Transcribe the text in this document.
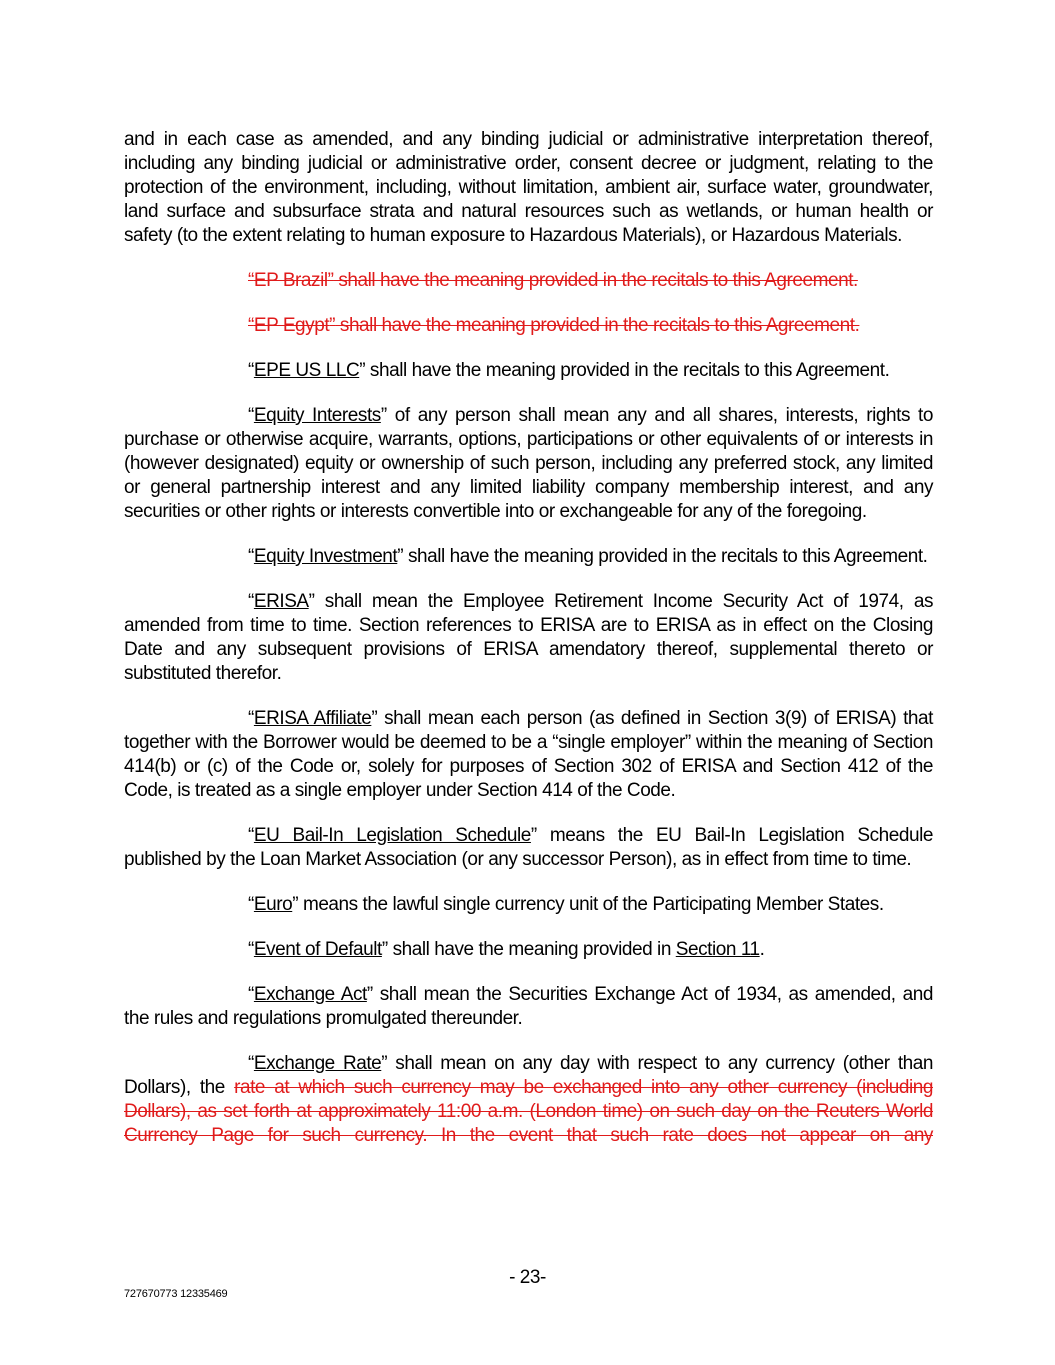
and in each case as amended, and any binding judicial or administrative interpretation thereof, including any binding judicial or administrative order, consent decree or judgment, relating to the protection of the environment, including, without limitation, ambient air, surface water, groundwater, land surface and subsurface strata and natural resources such as wetlands, or human health or safety (to the extent relating to human exposure to Hazardous Materials), or Hazardous Materials.

“EP Brazil” shall have the meaning provided in the recitals to this Agreement.

“EP Egypt” shall have the meaning provided in the recitals to this Agreement.

“EPE US LLC” shall have the meaning provided in the recitals to this Agreement.

“Equity Interests” of any person shall mean any and all shares, interests, rights to purchase or otherwise acquire, warrants, options, participations or other equivalents of or interests in (however designated) equity or ownership of such person, including any preferred stock, any limited or general partnership interest and any limited liability company membership interest, and any securities or other rights or interests convertible into or exchangeable for any of the foregoing.

“Equity Investment” shall have the meaning provided in the recitals to this Agreement.

“ERISA” shall mean the Employee Retirement Income Security Act of 1974, as amended from time to time. Section references to ERISA are to ERISA as in effect on the Closing Date and any subsequent provisions of ERISA amendatory thereof, supplemental thereto or substituted therefor.

“ERISA Affiliate” shall mean each person (as defined in Section 3(9) of ERISA) that together with the Borrower would be deemed to be a “single employer” within the meaning of Section 414(b) or (c) of the Code or, solely for purposes of Section 302 of ERISA and Section 412 of the Code, is treated as a single employer under Section 414 of the Code.

“EU Bail-In Legislation Schedule” means the EU Bail-In Legislation Schedule published by the Loan Market Association (or any successor Person), as in effect from time to time.

“Euro” means the lawful single currency unit of the Participating Member States.

“Event of Default” shall have the meaning provided in Section 11.

“Exchange Act” shall mean the Securities Exchange Act of 1934, as amended, and the rules and regulations promulgated thereunder.

“Exchange Rate” shall mean on any day with respect to any currency (other than Dollars), the rate at which such currency may be exchanged into any other currency (including Dollars), as set forth at approximately 11:00 a.m. (London time) on such day on the Reuters World Currency Page for such currency. In the event that such rate does not appear on any

- 23-
727670773 12335469
